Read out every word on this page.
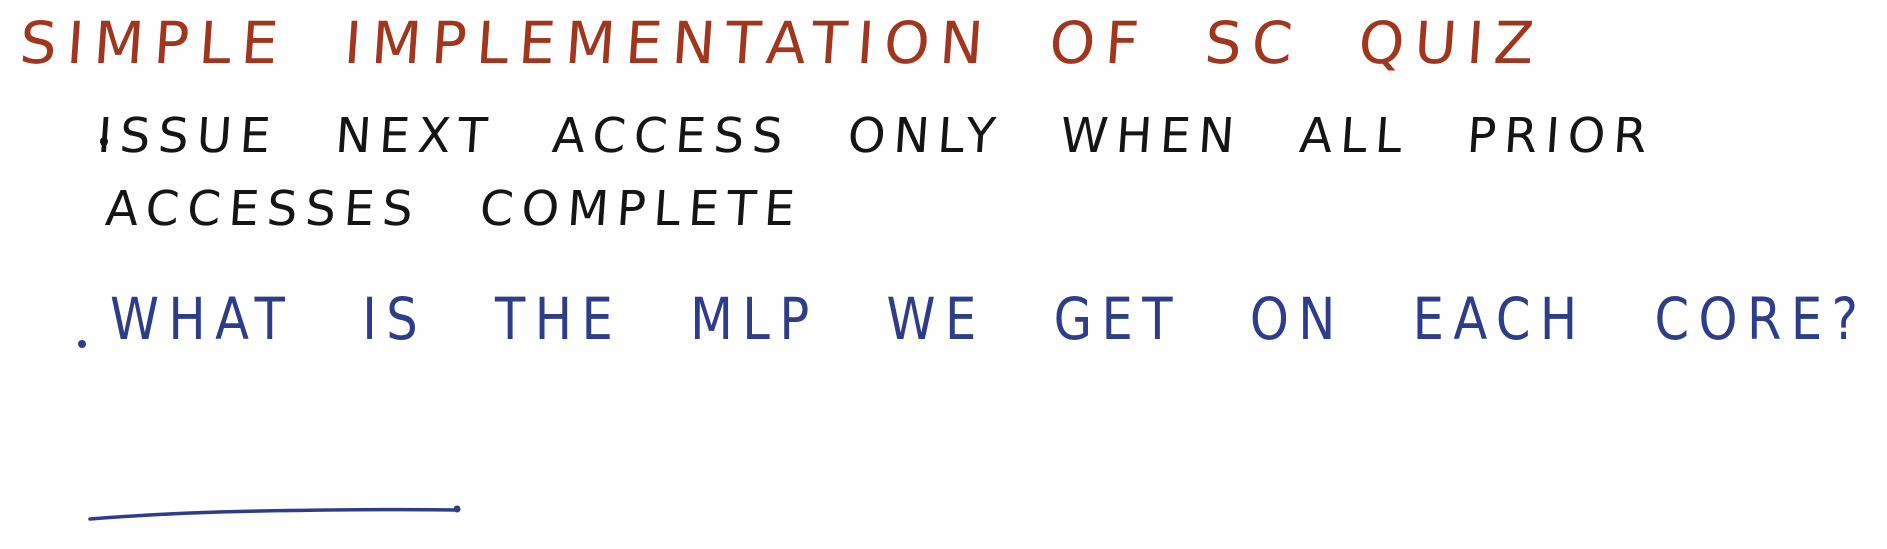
SIMPLE IMPLEMENTATION OF SC QUIZ
ISSUE NEXT ACCESS ONLY WHEN ALL PRIOR
ACCESSES COMPLETE
WHAT IS THE MLP WE GET ON EACH CORE?
